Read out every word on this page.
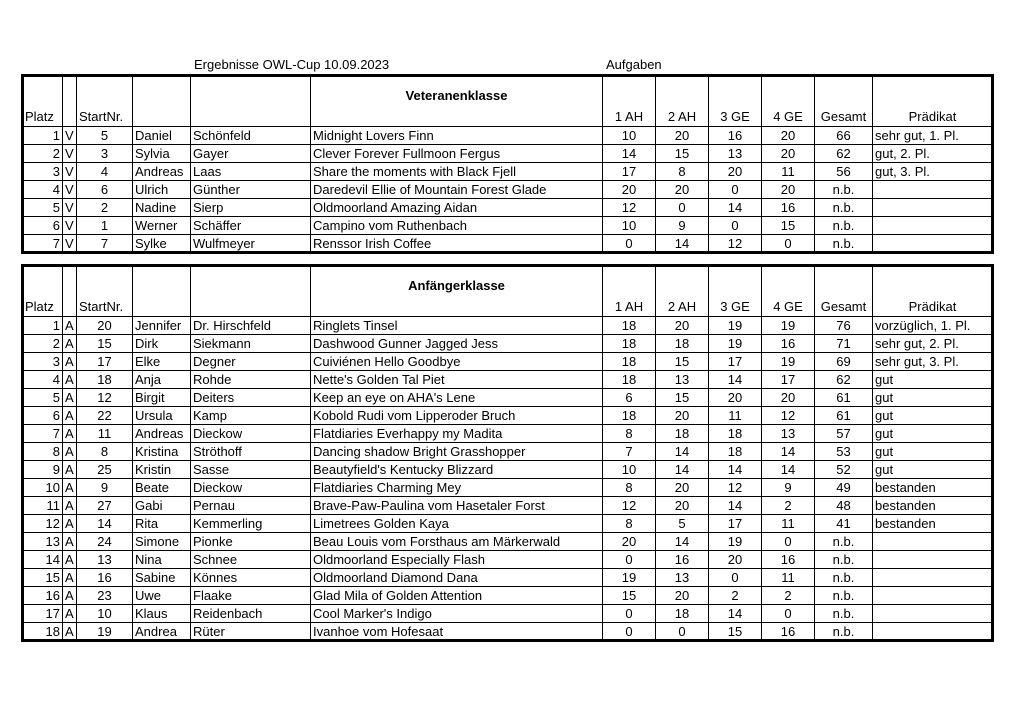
Ergebnisse OWL-Cup 10.09.2023	Aufgaben
Platz		StartNr.			Veteranenklasse	1 AH	2 AH	3 GE	4 GE	Gesamt	Prädikat
1	V	5	Daniel	Schönfeld	Midnight Lovers Finn	10	20	16	20	66	sehr gut, 1. Pl.
2	V	3	Sylvia	Gayer	Clever Forever Fullmoon Fergus	14	15	13	20	62	gut, 2. Pl.
3	V	4	Andreas	Laas	Share the moments with Black Fjell	17	8	20	11	56	gut, 3. Pl.
4	V	6	Ulrich	Günther	Daredevil Ellie of Mountain Forest Glade	20	20	0	20	n.b.	
5	V	2	Nadine	Sierp	Oldmoorland Amazing Aidan	12	0	14	16	n.b.	
6	V	1	Werner	Schäffer	Campino vom Ruthenbach	10	9	0	15	n.b.	
7	V	7	Sylke	Wulfmeyer	Renssor Irish Coffee	0	14	12	0	n.b.	
Platz		StartNr.			Anfängerklasse	1 AH	2 AH	3 GE	4 GE	Gesamt	Prädikat
1	A	20	Jennifer	Dr. Hirschfeld	Ringlets Tinsel	18	20	19	19	76	vorzüglich, 1. Pl.
2	A	15	Dirk	Siekmann	Dashwood Gunner Jagged Jess	18	18	19	16	71	sehr gut, 2. Pl.
3	A	17	Elke	Degner	Cuiviénen Hello Goodbye	18	15	17	19	69	sehr gut, 3. Pl.
4	A	18	Anja	Rohde	Nette's Golden Tal Piet	18	13	14	17	62	gut
5	A	12	Birgit	Deiters	Keep an eye on AHA's Lene	6	15	20	20	61	gut
6	A	22	Ursula	Kamp	Kobold Rudi vom Lipperoder Bruch	18	20	11	12	61	gut
7	A	11	Andreas	Dieckow	Flatdiaries Everhappy my Madita	8	18	18	13	57	gut
8	A	8	Kristina	Ströthoff	Dancing shadow Bright Grasshopper	7	14	18	14	53	gut
9	A	25	Kristin	Sasse	Beautyfield's Kentucky Blizzard	10	14	14	14	52	gut
10	A	9	Beate	Dieckow	Flatdiaries Charming Mey	8	20	12	9	49	bestanden
11	A	27	Gabi	Pernau	Brave-Paw-Paulina vom Hasetaler Forst	12	20	14	2	48	bestanden
12	A	14	Rita	Kemmerling	Limetrees Golden Kaya	8	5	17	11	41	bestanden
13	A	24	Simone	Pionke	Beau Louis vom Forsthaus am Märkerwald	20	14	19	0	n.b.	
14	A	13	Nina	Schnee	Oldmoorland Especially Flash	0	16	20	16	n.b.	
15	A	16	Sabine	Könnes	Oldmoorland Diamond Dana	19	13	0	11	n.b.	
16	A	23	Uwe	Flaake	Glad Mila of Golden Attention	15	20	2	2	n.b.	
17	A	10	Klaus	Reidenbach	Cool Marker's Indigo	0	18	14	0	n.b.	
18	A	19	Andrea	Rüter	Ivanhoe vom Hofesaat	0	0	15	16	n.b.	
